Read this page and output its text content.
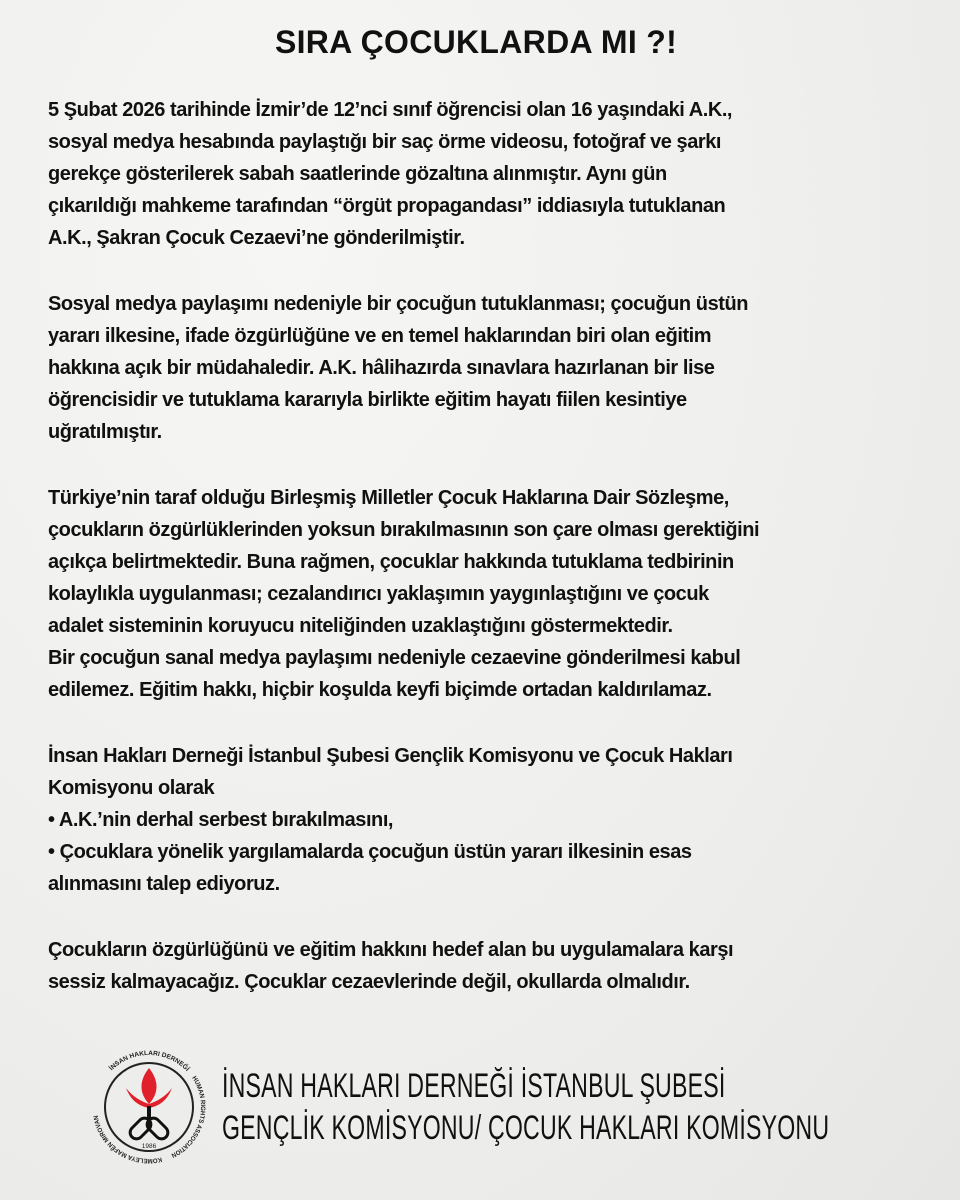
SIRA ÇOCUKLARDA MI ?!
5 Şubat 2026 tarihinde İzmir’de 12’nci sınıf öğrencisi olan 16 yaşındaki A.K.,
sosyal medya hesabında paylaştığı bir saç örme videosu, fotoğraf ve şarkı
gerekçe gösterilerek sabah saatlerinde gözaltına alınmıştır. Aynı gün
çıkarıldığı mahkeme tarafından “örgüt propagandası” iddiasıyla tutuklanan
A.K., Şakran Çocuk Cezaevi’ne gönderilmiştir.
Sosyal medya paylaşımı nedeniyle bir çocuğun tutuklanması; çocuğun üstün
yararı ilkesine, ifade özgürlüğüne ve en temel haklarından biri olan eğitim
hakkına açık bir müdahaledir. A.K. hâlihazırda sınavlara hazırlanan bir lise
öğrencisidir ve tutuklama kararıyla birlikte eğitim hayatı fiilen kesintiye
uğratılmıştır.
Türkiye’nin taraf olduğu Birleşmiş Milletler Çocuk Haklarına Dair Sözleşme,
çocukların özgürlüklerinden yoksun bırakılmasının son çare olması gerektiğini
açıkça belirtmektedir. Buna rağmen, çocuklar hakkında tutuklama tedbirinin
kolaylıkla uygulanması; cezalandırıcı yaklaşımın yaygınlaştığını ve çocuk
adalet sisteminin koruyucu niteliğinden uzaklaştığını göstermektedir.
Bir çocuğun sanal medya paylaşımı nedeniyle cezaevine gönderilmesi kabul
edilemez. Eğitim hakkı, hiçbir koşulda keyfi biçimde ortadan kaldırılamaz.
İnsan Hakları Derneği İstanbul Şubesi Gençlik Komisyonu ve Çocuk Hakları
Komisyonu olarak
• A.K.’nin derhal serbest bırakılmasını,
• Çocuklara yönelik yargılamalarda çocuğun üstün yararı ilkesinin esas
alınmasını talep ediyoruz.
Çocukların özgürlüğünü ve eğitim hakkını hedef alan bu uygulamalara karşı
sessiz kalmayacağız. Çocuklar cezaevlerinde değil, okullarda olmalıdır.
İNSAN HAKLARI DERNEĞİ
HUMAN RIGHTS ASSOCIATION
KOMELEYA MAFÊN MIROVAN
1986
İNSAN HAKLARI DERNEĞİ İSTANBUL ŞUBESİ
GENÇLİK KOMİSYONU/ ÇOCUK HAKLARI KOMİSYONU
